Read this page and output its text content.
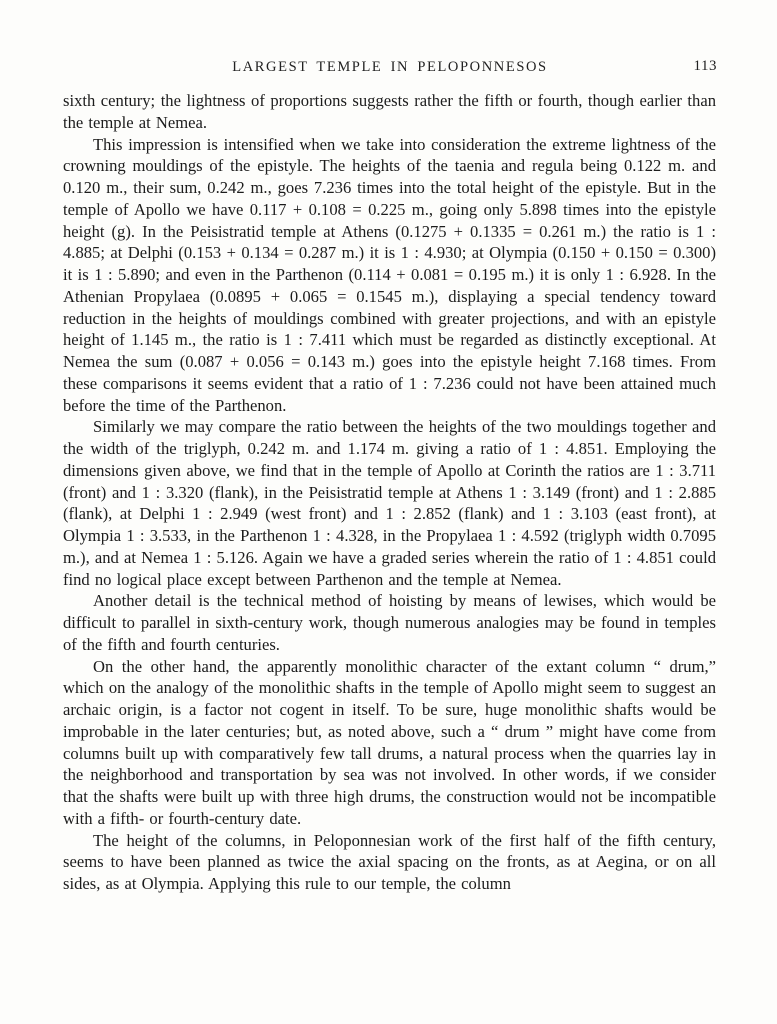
LARGEST TEMPLE IN PELOPONNESOS	113

sixth century; the lightness of proportions suggests rather the fifth or fourth, though earlier than the temple at Nemea.

This impression is intensified when we take into consideration the extreme lightness of the crowning mouldings of the epistyle. The heights of the taenia and regula being 0.122 m. and 0.120 m., their sum, 0.242 m., goes 7.236 times into the total height of the epistyle. But in the temple of Apollo we have 0.117 + 0.108 = 0.225 m., going only 5.898 times into the epistyle height (g). In the Peisistratid temple at Athens (0.1275 + 0.1335 = 0.261 m.) the ratio is 1 : 4.885; at Delphi (0.153 + 0.134 = 0.287 m.) it is 1 : 4.930; at Olympia (0.150 + 0.150 = 0.300) it is 1 : 5.890; and even in the Parthenon (0.114 + 0.081 = 0.195 m.) it is only 1 : 6.928. In the Athenian Propylaea (0.0895 + 0.065 = 0.1545 m.), displaying a special tendency toward reduction in the heights of mouldings combined with greater projections, and with an epistyle height of 1.145 m., the ratio is 1 : 7.411 which must be regarded as distinctly exceptional. At Nemea the sum (0.087 + 0.056 = 0.143 m.) goes into the epistyle height 7.168 times. From these comparisons it seems evident that a ratio of 1 : 7.236 could not have been attained much before the time of the Parthenon.

Similarly we may compare the ratio between the heights of the two mouldings together and the width of the triglyph, 0.242 m. and 1.174 m. giving a ratio of 1 : 4.851. Employing the dimensions given above, we find that in the temple of Apollo at Corinth the ratios are 1 : 3.711 (front) and 1 : 3.320 (flank), in the Peisistratid temple at Athens 1 : 3.149 (front) and 1 : 2.885 (flank), at Delphi 1 : 2.949 (west front) and 1 : 2.852 (flank) and 1 : 3.103 (east front), at Olympia 1 : 3.533, in the Parthenon 1 : 4.328, in the Propylaea 1 : 4.592 (triglyph width 0.7095 m.), and at Nemea 1 : 5.126. Again we have a graded series wherein the ratio of 1 : 4.851 could find no logical place except between Parthenon and the temple at Nemea.

Another detail is the technical method of hoisting by means of lewises, which would be difficult to parallel in sixth-century work, though numerous analogies may be found in temples of the fifth and fourth centuries.

On the other hand, the apparently monolithic character of the extant column “ drum,” which on the analogy of the monolithic shafts in the temple of Apollo might seem to suggest an archaic origin, is a factor not cogent in itself. To be sure, huge monolithic shafts would be improbable in the later centuries; but, as noted above, such a “ drum ” might have come from columns built up with comparatively few tall drums, a natural process when the quarries lay in the neighborhood and transportation by sea was not involved. In other words, if we consider that the shafts were built up with three high drums, the construction would not be incompatible with a fifth- or fourth-century date.

The height of the columns, in Peloponnesian work of the first half of the fifth century, seems to have been planned as twice the axial spacing on the fronts, as at Aegina, or on all sides, as at Olympia. Applying this rule to our temple, the column
